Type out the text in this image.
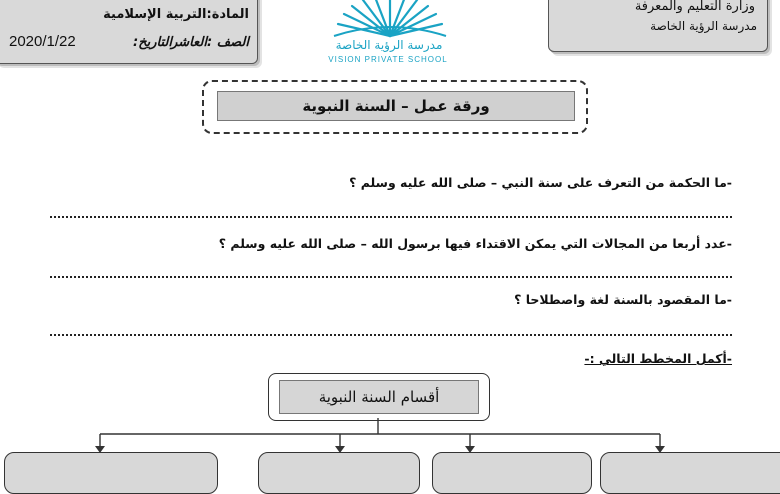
وزارة التعليم والمعرفة
مدرسة الرؤية الخاصة
المادة:التربية الإسلامية
الصف :العاشر
التاريخ:
2020/1/22	مدرسة الرؤية الخاصة
VISION PRIVATE SCHOOL
ورقة عمل – السنة النبوية
-ما الحكمة من التعرف على سنة النبي – صلى الله عليه وسلم ؟
-عدد أربعا من المجالات التي يمكن الاقتداء فيها برسول الله – صلى الله عليه وسلم ؟
-ما المقصود بالسنة لغة واصطلاحا ؟
-أكمل المخطط التالي :-
أقسام السنة النبوية
